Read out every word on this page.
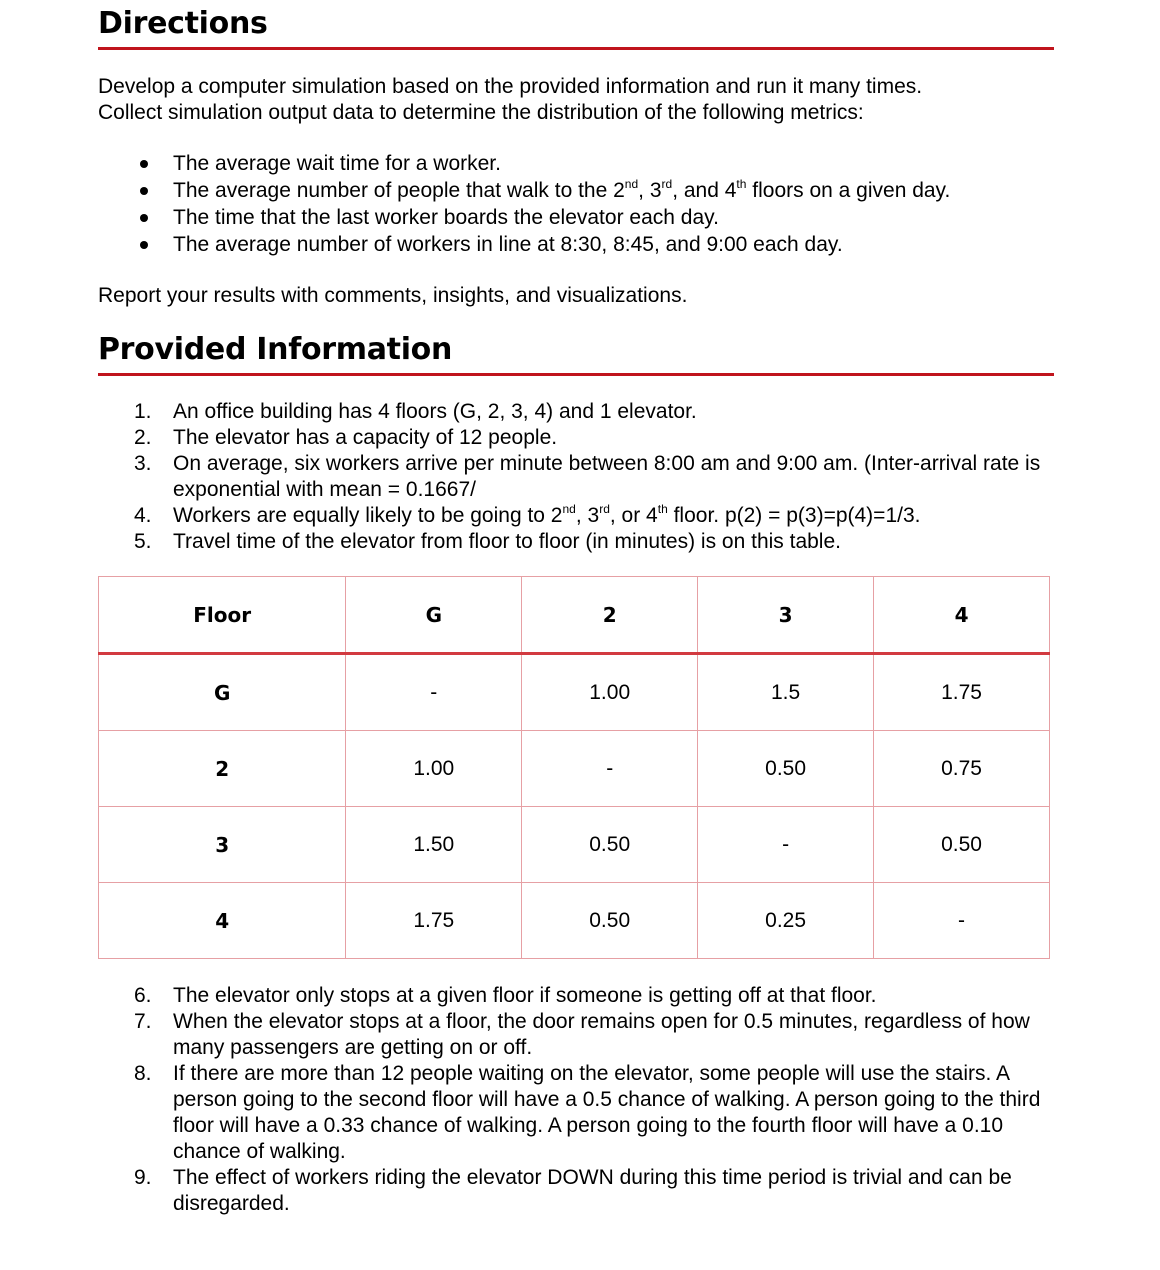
Directions

Develop a computer simulation based on the provided information and run it many times.
Collect simulation output data to determine the distribution of the following metrics:

The average wait time for a worker.
The average number of people that walk to the 2nd, 3rd, and 4th floors on a given day.
The time that the last worker boards the elevator each day.
The average number of workers in line at 8:30, 8:45, and 9:00 each day.

Report your results with comments, insights, and visualizations.

Provided Information
1. An office building has 4 floors (G, 2, 3, 4) and 1 elevator.
2. The elevator has a capacity of 12 people.
3. On average, six workers arrive per minute between 8:00 am and 9:00 am. (Inter-arrival rate is exponential with mean = 0.1667/
4. Workers are equally likely to be going to 2nd, 3rd, or 4th floor. p(2) = p(3)=p(4)=1/3.
5. Travel time of the elevator from floor to floor (in minutes) is on this table.
Floor	G	2	3	4
G	-	1.00	1.5	1.75
2	1.00	-	0.50	0.75
3	1.50	0.50	-	0.50
4	1.75	0.50	0.25	-
6. The elevator only stops at a given floor if someone is getting off at that floor.
7. When the elevator stops at a floor, the door remains open for 0.5 minutes, regardless of how many passengers are getting on or off.
8. If there are more than 12 people waiting on the elevator, some people will use the stairs. A person going to the second floor will have a 0.5 chance of walking. A person going to the third floor will have a 0.33 chance of walking. A person going to the fourth floor will have a 0.10 chance of walking.
9. The effect of workers riding the elevator DOWN during this time period is trivial and can be disregarded.
